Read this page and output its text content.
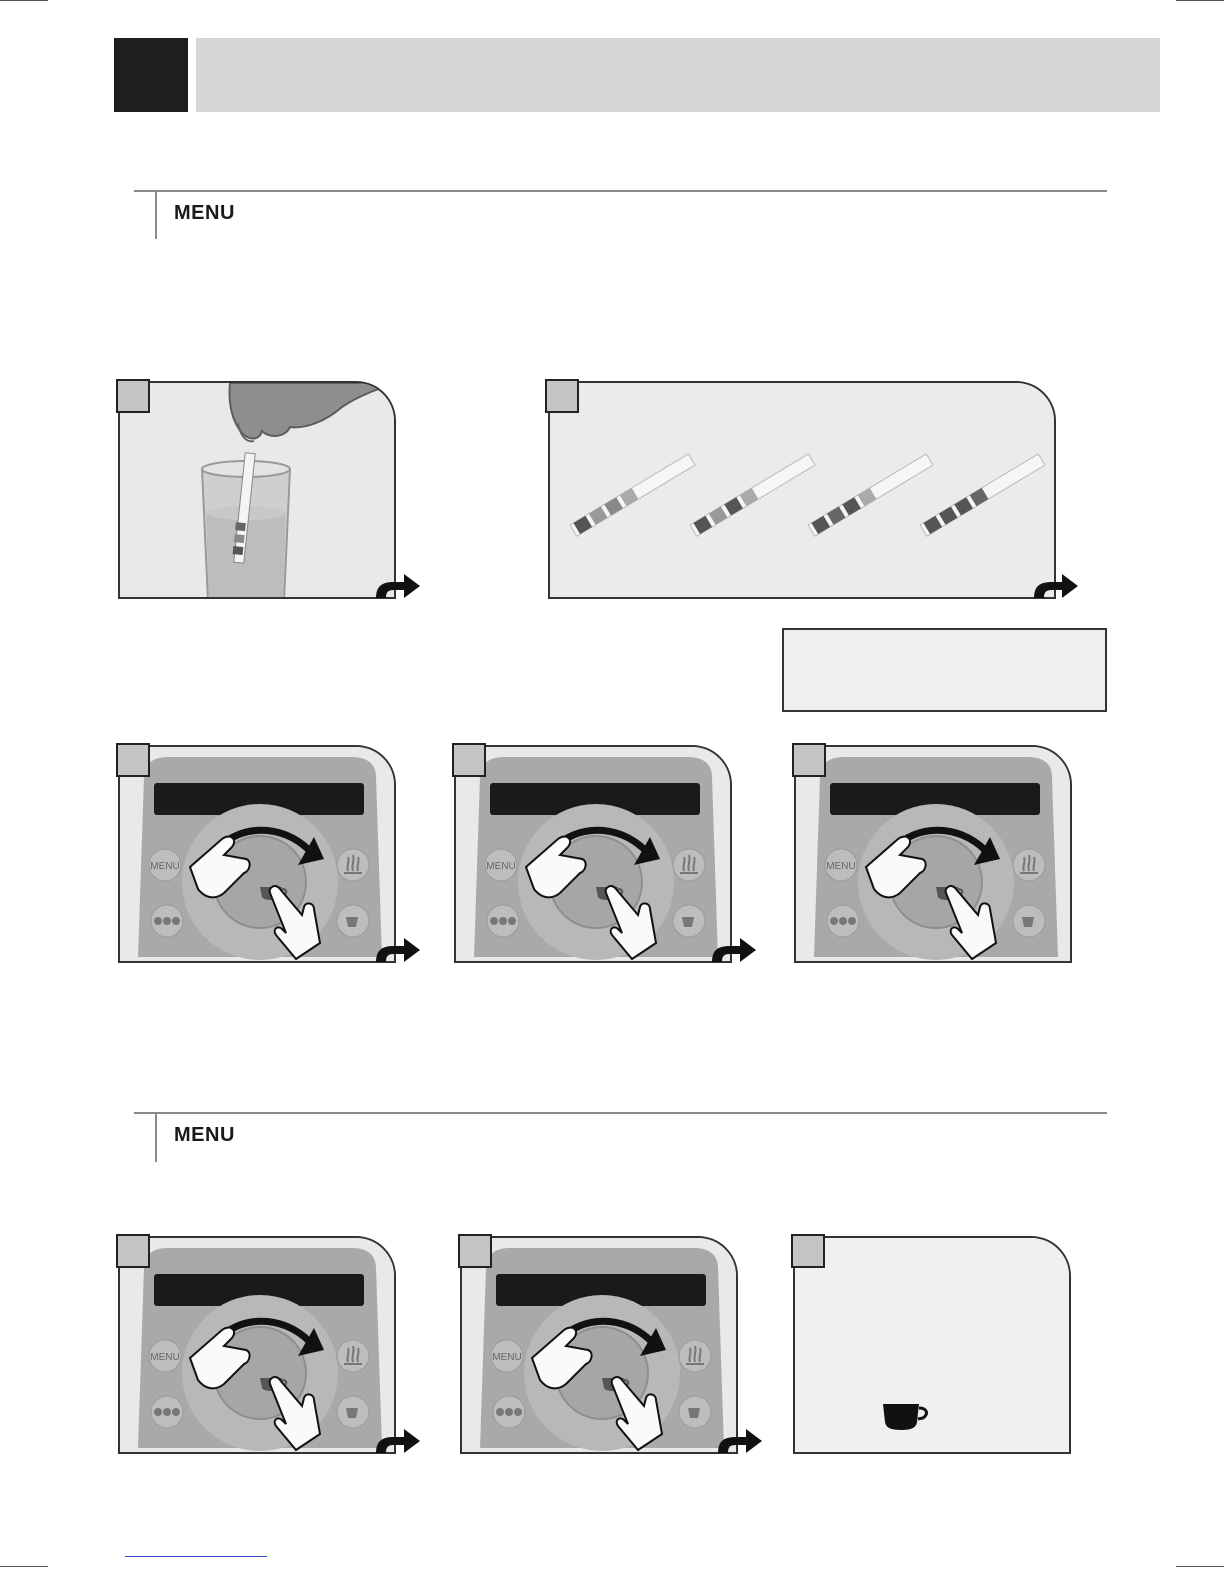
MENU
MENU
MENU	MENU	MENU
MENU	MENU
